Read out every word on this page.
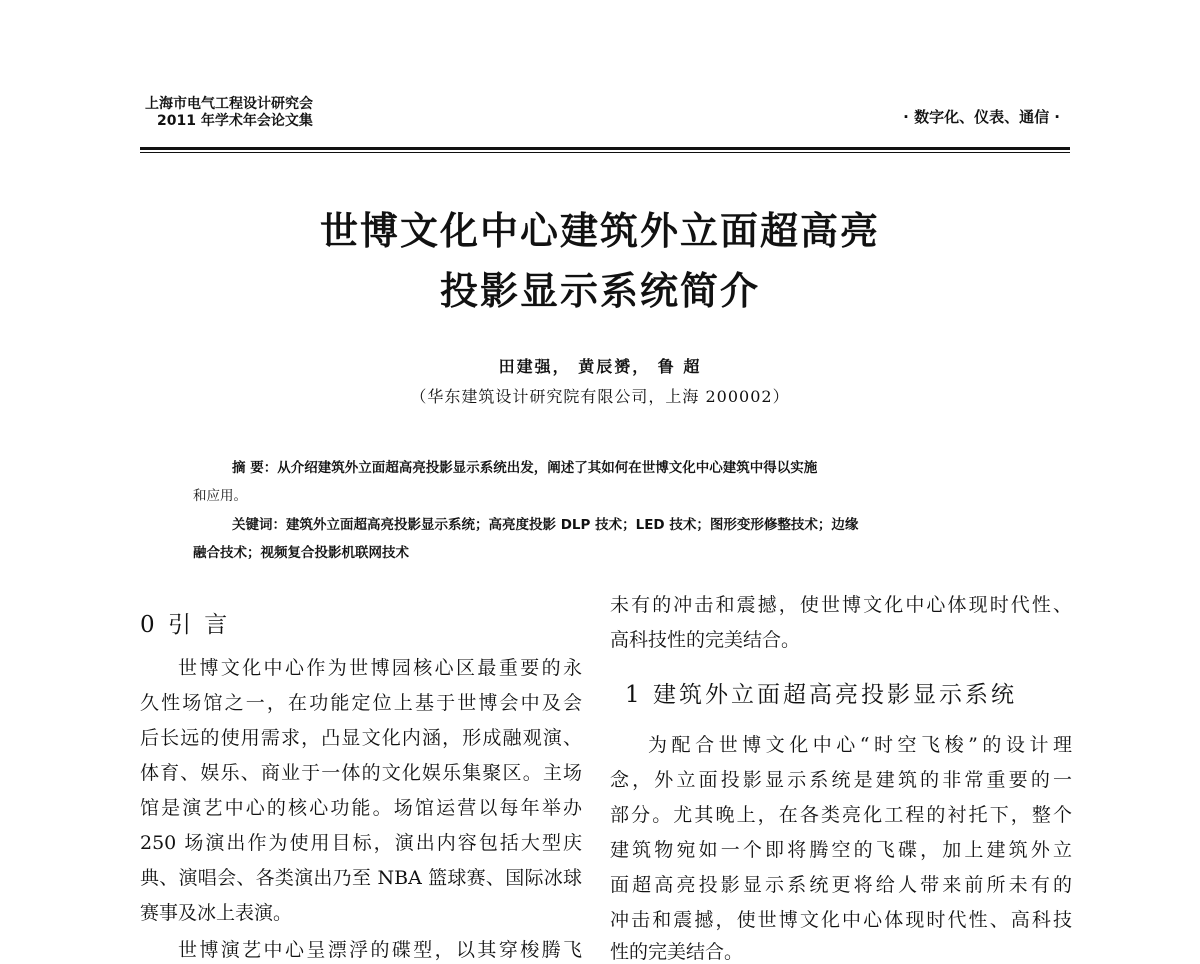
上海市电气工程设计研究会
2011 年学术年会论文集	· 数字化、仪表、通信 ·
世博文化中心建筑外立面超高亮
投影显示系统简介
田建强， 黄辰赟， 鲁 超
（华东建筑设计研究院有限公司，上海 200002）
摘 要：从介绍建筑外立面超高亮投影显示系统出发，阐述了其如何在世博文化中心建筑中得以实施
和应用。
关键词：建筑外立面超高亮投影显示系统；高亮度投影 DLP 技术；LED 技术；图形变形修整技术；边缘
融合技术；视频复合投影机联网技术
0 引 言
世博文化中心作为世博园核心区最重要的永
久性场馆之一，在功能定位上基于世博会中及会
后长远的使用需求，凸显文化内涵，形成融观演、
体育、娱乐、商业于一体的文化娱乐集聚区。主场
馆是演艺中心的核心功能。场馆运营以每年举办
250 场演出作为使用目标，演出内容包括大型庆
典、演唱会、各类演出乃至 NBA 篮球赛、国际冰球
赛事及冰上表演。
世博演艺中心呈漂浮的碟型，以其穿梭腾飞
未有的冲击和震撼，使世博文化中心体现时代性、
高科技性的完美结合。
1 建筑外立面超高亮投影显示系统
为配合世博文化中心“时空飞梭”的设计理
念，外立面投影显示系统是建筑的非常重要的一
部分。尤其晚上，在各类亮化工程的衬托下，整个
建筑物宛如一个即将腾空的飞碟，加上建筑外立
面超高亮投影显示系统更将给人带来前所未有的
冲击和震撼，使世博文化中心体现时代性、高科技
性的完美结合。
